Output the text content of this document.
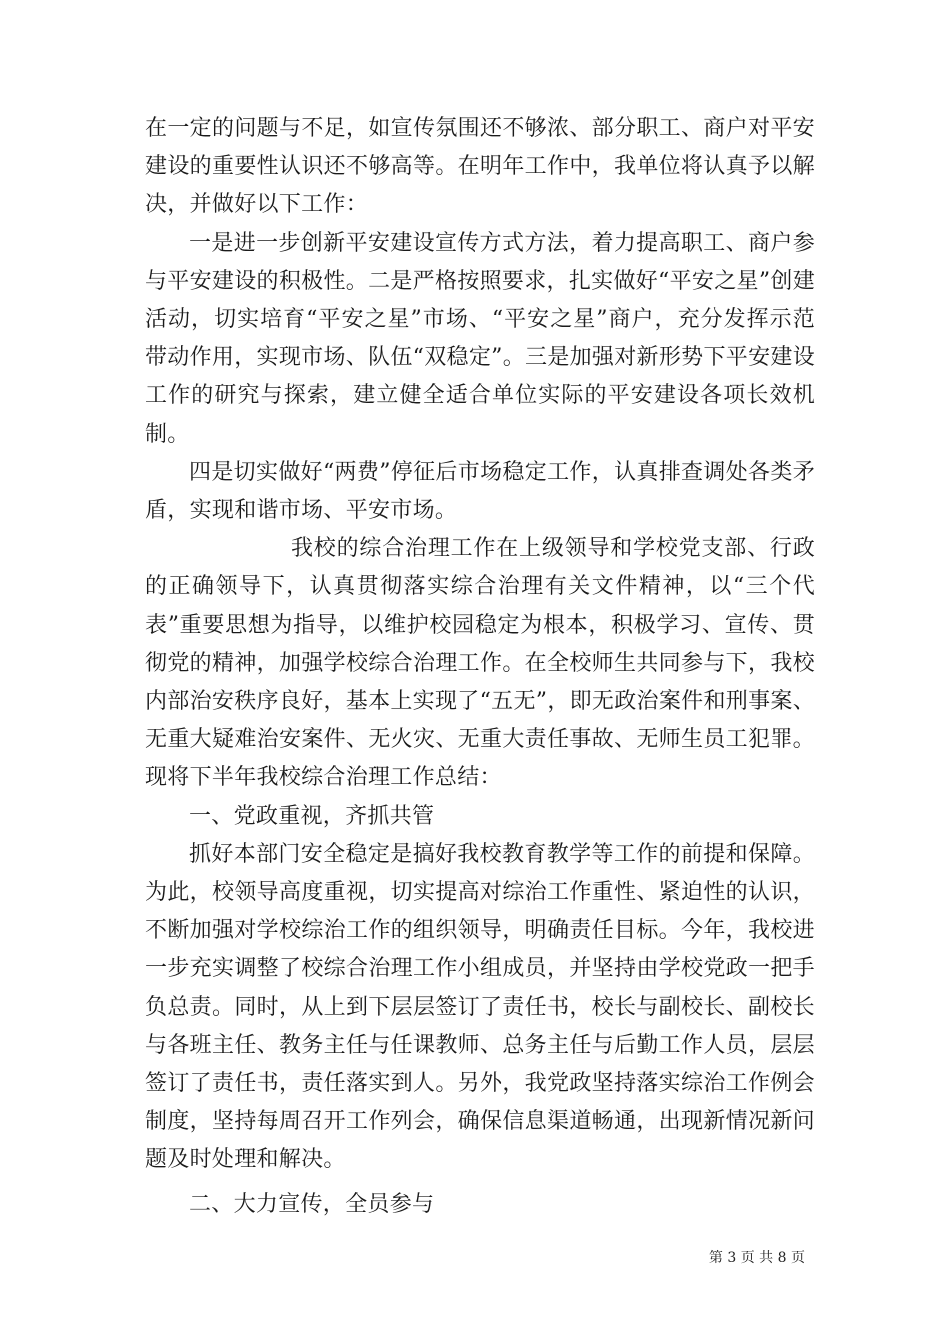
在一定的问题与不足，如宣传氛围还不够浓、部分职工、商户对平安建设的重要性认识还不够高等。在明年工作中，我单位将认真予以解决，并做好以下工作：

一是进一步创新平安建设宣传方式方法，着力提高职工、商户参与平安建设的积极性。二是严格按照要求，扎实做好“平安之星”创建活动，切实培育“平安之星”市场、“平安之星”商户，充分发挥示范带动作用，实现市场、队伍“双稳定”。三是加强对新形势下平安建设工作的研究与探索，建立健全适合单位实际的平安建设各项长效机制。

四是切实做好“两费”停征后市场稳定工作，认真排查调处各类矛盾，实现和谐市场、平安市场。

我校的综合治理工作在上级领导和学校党支部、行政的正确领导下，认真贯彻落实综合治理有关文件精神，以“三个代表”重要思想为指导，以维护校园稳定为根本，积极学习、宣传、贯彻党的精神，加强学校综合治理工作。在全校师生共同参与下，我校内部治安秩序良好，基本上实现了“五无”，即无政治案件和刑事案、无重大疑难治安案件、无火灾、无重大责任事故、无师生员工犯罪。现将下半年我校综合治理工作总结：

一、党政重视，齐抓共管

抓好本部门安全稳定是搞好我校教育教学等工作的前提和保障。为此，校领导高度重视，切实提高对综治工作重性、紧迫性的认识，不断加强对学校综治工作的组织领导，明确责任目标。今年，我校进一步充实调整了校综合治理工作小组成员，并坚持由学校党政一把手负总责。同时，从上到下层层签订了责任书，校长与副校长、副校长与各班主任、教务主任与任课教师、总务主任与后勤工作人员，层层签订了责任书，责任落实到人。另外，我党政坚持落实综治工作例会制度，坚持每周召开工作列会，确保信息渠道畅通，出现新情况新问题及时处理和解决。

二、大力宣传，全员参与

第 3 页 共 8 页
